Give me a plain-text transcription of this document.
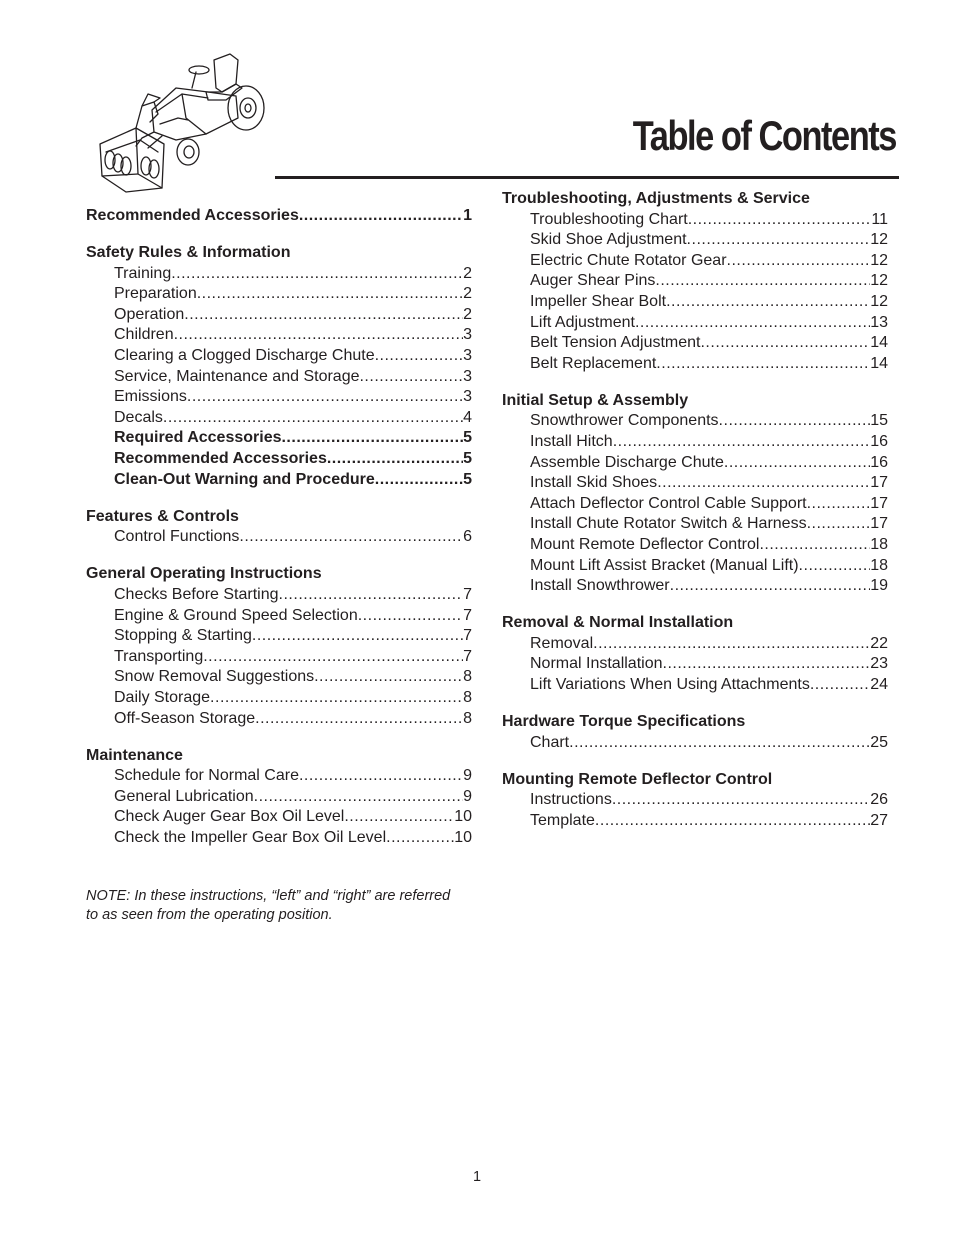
Table of Contents
Recommended Accessories .....	1
Safety Rules & Information
Training .....	2
Preparation .....	2
Operation .....	2
Children .....	3
Clearing a Clogged Discharge Chute .....	3
Service, Maintenance and Storage .....	3
Emissions .....	3
Decals .....	4
Required Accessories .....	5
Recommended Accessories .....	5
Clean-Out Warning and Procedure .....	5
Features & Controls
Control Functions .....	6
General Operating Instructions
Checks Before Starting .....	7
Engine & Ground Speed Selection .....	7
Stopping & Starting .....	7
Transporting .....	7
Snow Removal Suggestions .....	8
Daily Storage .....	8
Off-Season Storage .....	8
Maintenance
Schedule for Normal Care .....	9
General Lubrication .....	9
Check Auger Gear Box Oil Level .....	10
Check the Impeller Gear Box Oil Level .....	10
Troubleshooting, Adjustments & Service
Troubleshooting Chart .....	11
Skid Shoe Adjustment .....	12
Electric Chute Rotator Gear .....	12
Auger Shear Pins .....	12
Impeller Shear Bolt .....	12
Lift Adjustment .....	13
Belt Tension Adjustment .....	14
Belt Replacement .....	14
Initial Setup & Assembly
Snowthrower Components .....	15
Install Hitch .....	16
Assemble Discharge Chute .....	16
Install Skid Shoes .....	17
Attach Deflector Control Cable Support .....	17
Install Chute Rotator Switch & Harness .....	17
Mount Remote Deflector Control .....	18
Mount Lift Assist Bracket (Manual Lift) .....	18
Install Snowthrower .....	19
Removal & Normal Installation
Removal .....	22
Normal Installation .....	23
Lift Variations When Using Attachments .....	24
Hardware Torque Specifications
Chart .....	25
Mounting Remote Deflector Control
Instructions .....	26
Template .....	27
NOTE: In these instructions, “left” and “right” are referred to as seen from the operating position.
1
